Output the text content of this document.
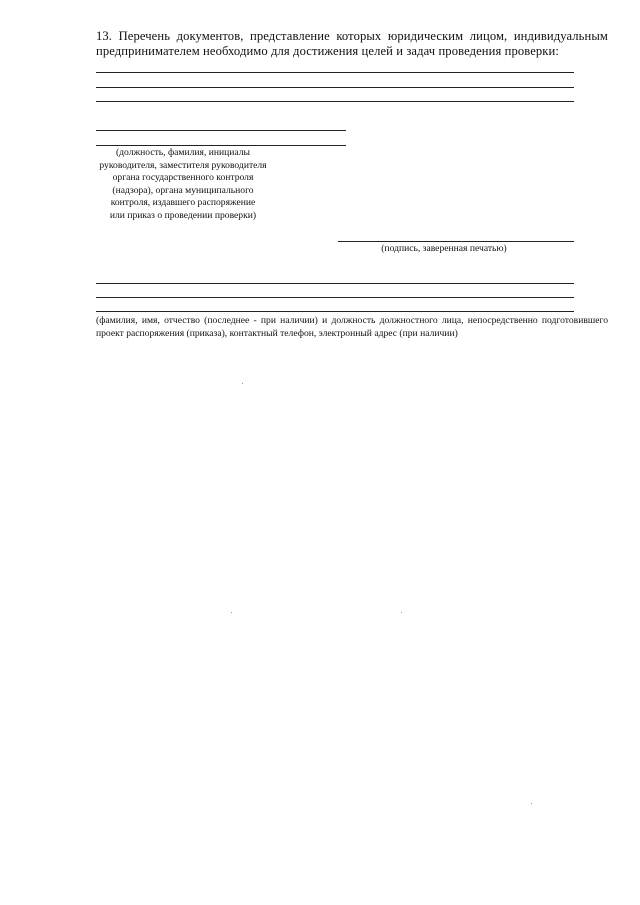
13. Перечень документов, представление которых юридическим лицом, индивидуальным предпринимателем необходимо для достижения целей и задач проведения проверки:
(должность, фамилия, инициалы
руководителя, заместителя руководителя
органа государственного контроля
(надзора), органа муниципального
контроля, издавшего распоряжение
или приказ о проведении проверки)
(подпись, заверенная печатью)
(фамилия, имя, отчество (последнее - при наличии) и должность должностного лица, непосредственно подготовившего проект распоряжения (приказа), контактный телефон, электронный адрес (при наличии)
